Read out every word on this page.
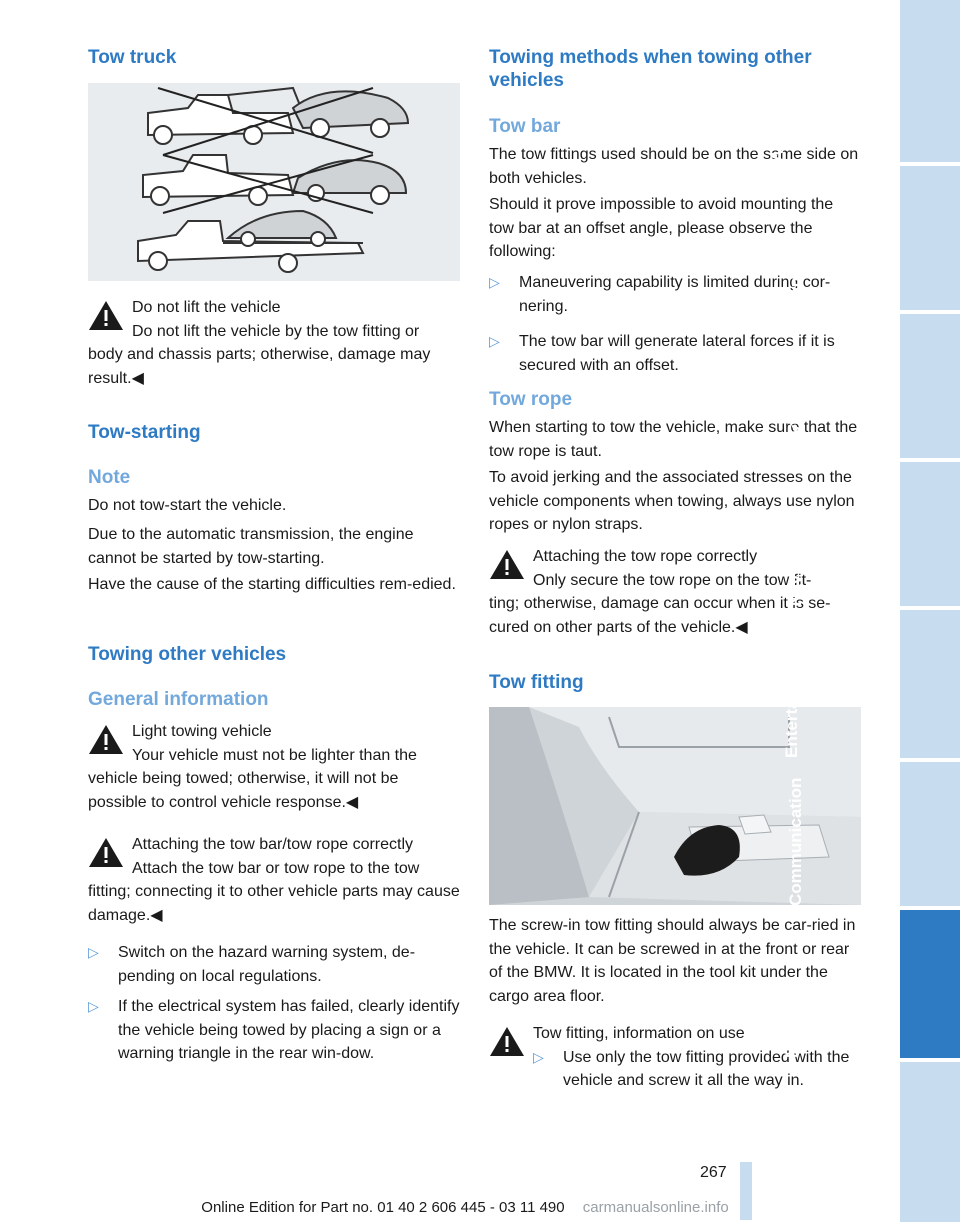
Tow truck
Do not lift the vehicle
Do not lift the vehicle by the tow fitting or
body and chassis parts; otherwise, damage may result.◀
Tow-starting
Note
Do not tow-start the vehicle.
Due to the automatic transmission, the engine cannot be started by tow-starting.
Have the cause of the starting difficulties rem-edied.
Towing other vehicles
General information
Light towing vehicle
Your vehicle must not be lighter than the
vehicle being towed; otherwise, it will not be possible to control vehicle response.◀
Attaching the tow bar/tow rope correctly
Attach the tow bar or tow rope to the tow
fitting; connecting it to other vehicle parts may cause damage.◀
▷ Switch on the hazard warning system, de-pending on local regulations.
▷ If the electrical system has failed, clearly identify the vehicle being towed by placing a sign or a warning triangle in the rear win-dow.
Towing methods when towing other vehicles
Tow bar
The tow fittings used should be on the same side on both vehicles.
Should it prove impossible to avoid mounting the tow bar at an offset angle, please observe the following:
▷ Maneuvering capability is limited during cor-nering.
▷ The tow bar will generate lateral forces if it is secured with an offset.
Tow rope
When starting to tow the vehicle, make sure that the tow rope is taut.
To avoid jerking and the associated stresses on the vehicle components when towing, always use nylon ropes or nylon straps.
Attaching the tow rope correctly
Only secure the tow rope on the tow fit-
ting; otherwise, damage can occur when it is se-cured on other parts of the vehicle.◀
Tow fitting
The screw-in tow fitting should always be car-ried in the vehicle. It can be screwed in at the front or rear of the BMW. It is located in the tool kit under the cargo area floor.
Tow fitting, information on use
▷ Use only the tow fitting provided with the vehicle and screw it all the way in.
At a glance
Controls
Driving tips
Navigation
Entertainment
Mobility
Reference
267
Online Edition for Part no. 01 40 2 606 445 - 03 11 490 carmanualsonline.info
